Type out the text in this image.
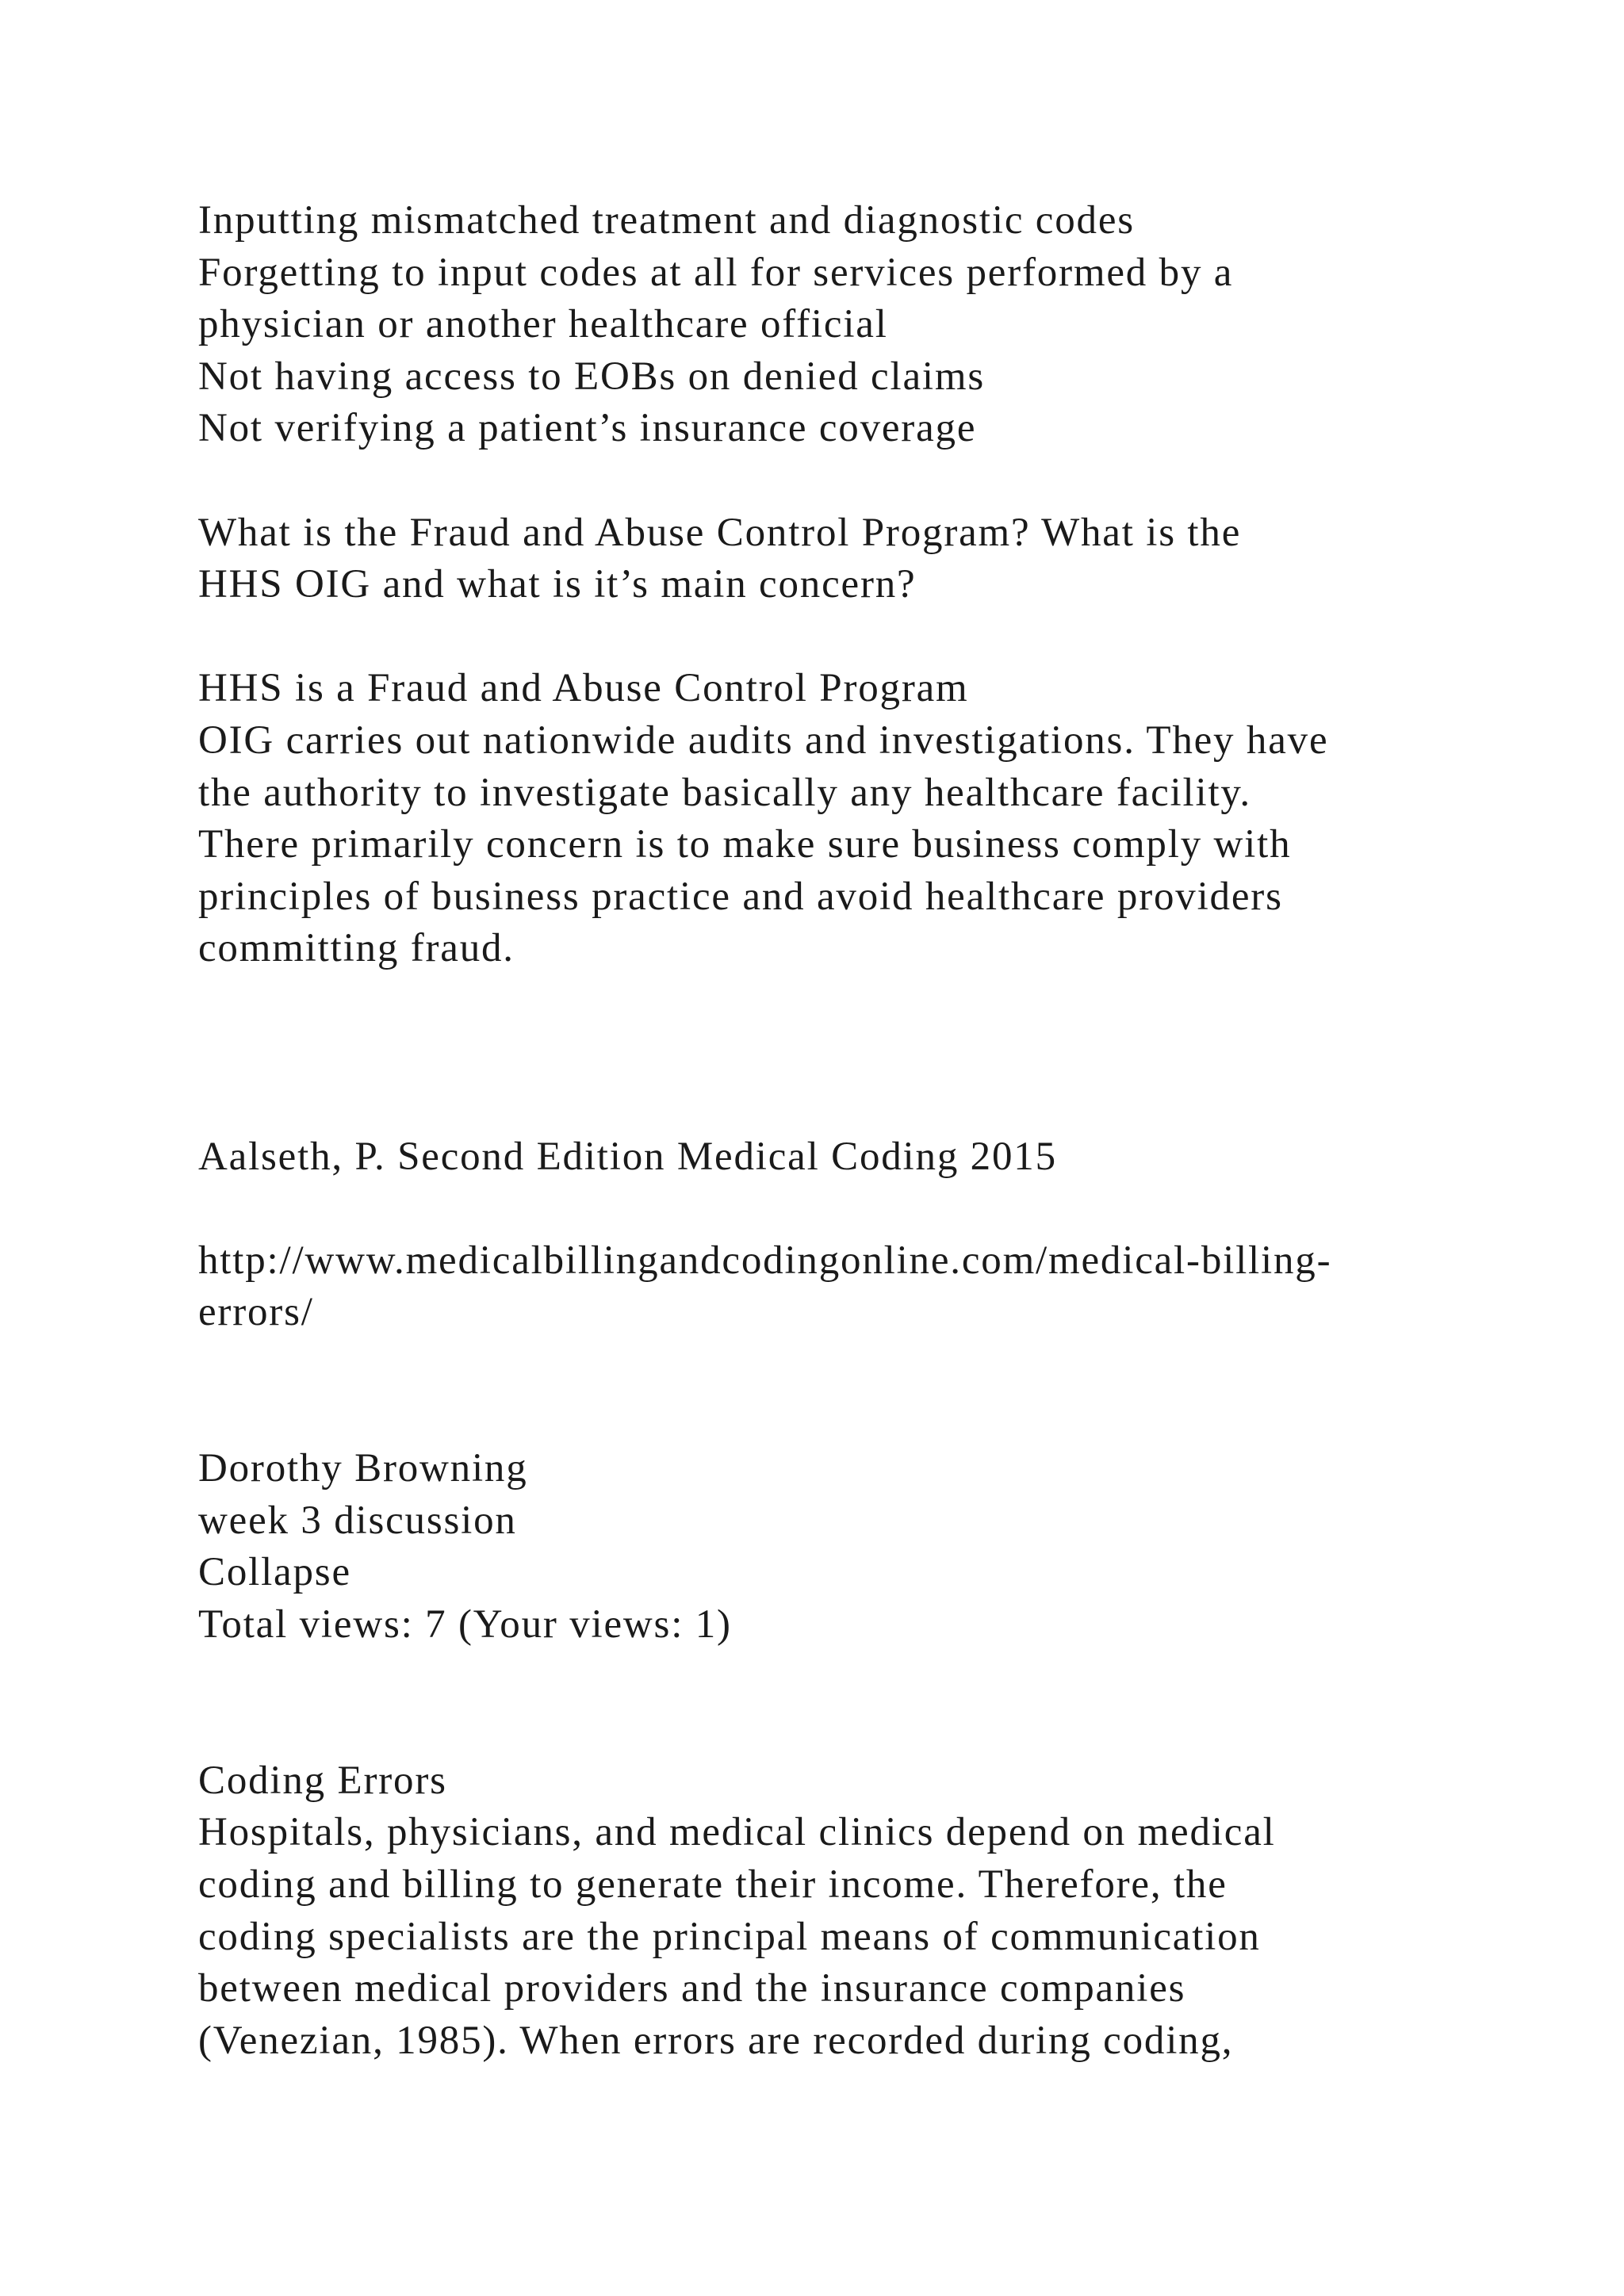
Inputting mismatched treatment and diagnostic codes
Forgetting to input codes at all for services performed by a
physician or another healthcare official
Not having access to EOBs on denied claims
Not verifying a patient’s insurance coverage
What is the Fraud and Abuse Control Program? What is the
HHS OIG and what is it’s main concern?
HHS is a Fraud and Abuse Control Program
OIG carries out nationwide audits and investigations. They have
the authority to investigate basically any healthcare facility.
There primarily concern is to make sure business comply with
principles of business practice and avoid healthcare providers
committing fraud.
Aalseth, P. Second Edition Medical Coding 2015
http://www.medicalbillingandcodingonline.com/medical-billing-
errors/
Dorothy Browning
week 3 discussion
Collapse
Total views: 7 (Your views: 1)
Coding Errors
Hospitals, physicians, and medical clinics depend on medical
coding and billing to generate their income. Therefore, the
coding specialists are the principal means of communication
between medical providers and the insurance companies
(Venezian, 1985). When errors are recorded during coding,
